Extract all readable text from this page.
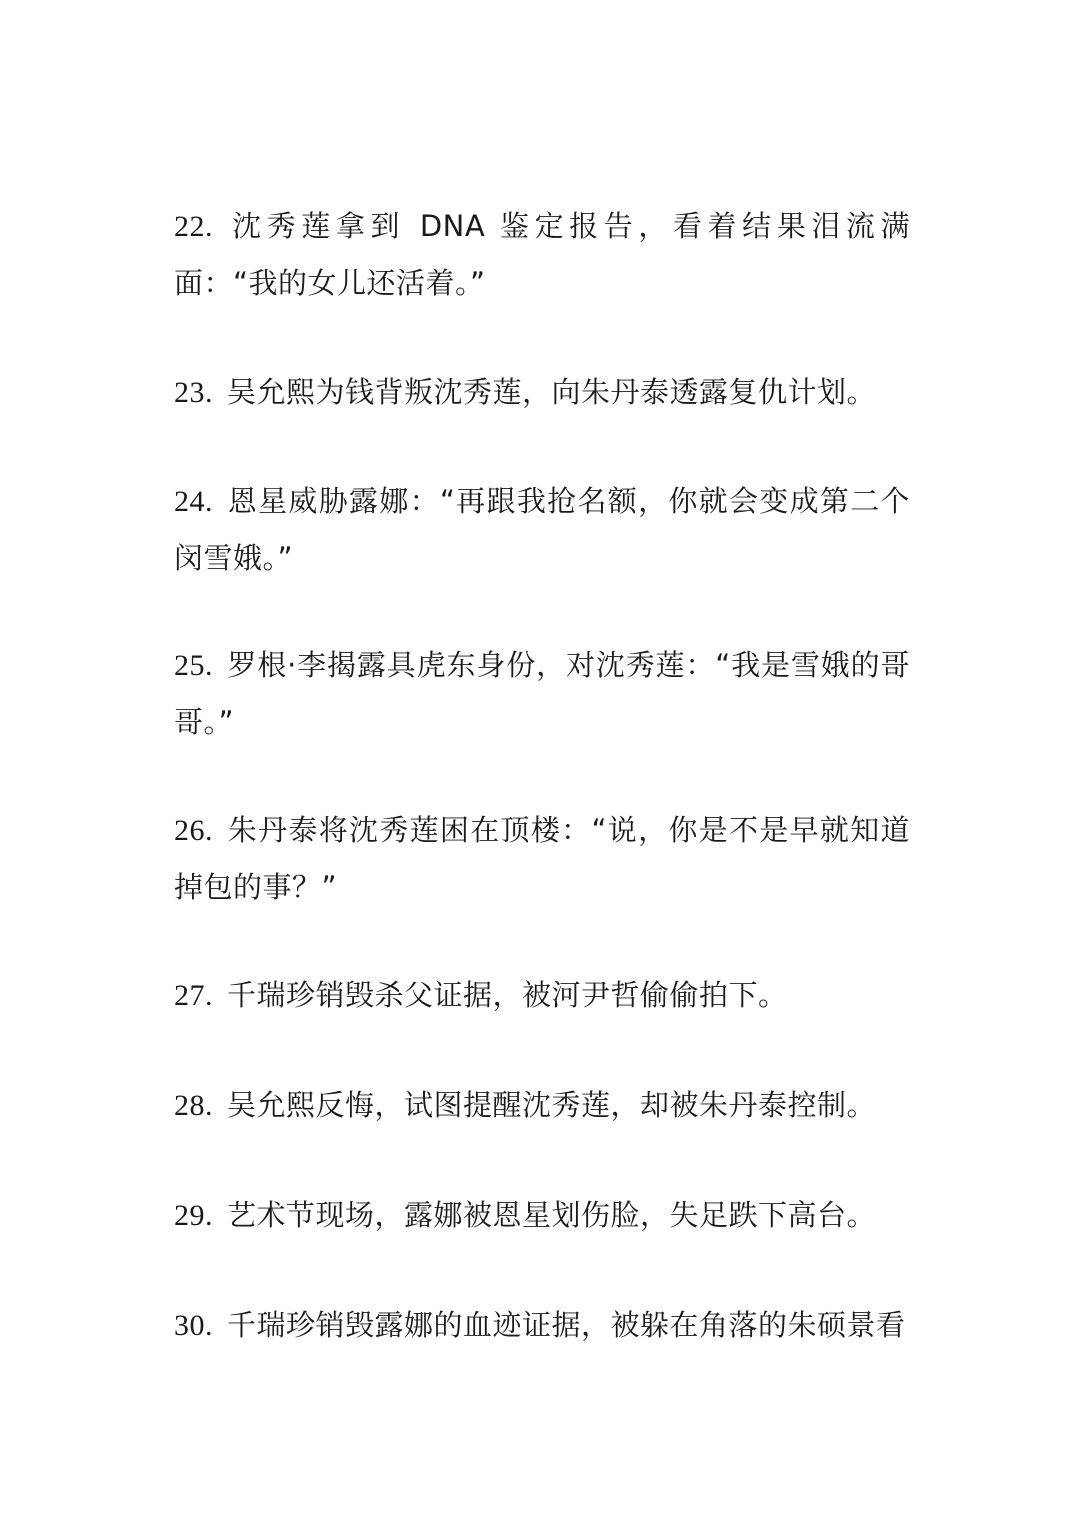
22. 沈秀莲拿到 DNA 鉴定报告，看着结果泪流满面：“我的女儿还活着。”

23. 吴允熙为钱背叛沈秀莲，向朱丹泰透露复仇计划。

24. 恩星威胁露娜：“再跟我抢名额，你就会变成第二个闵雪娥。”

25. 罗根·李揭露具虎东身份，对沈秀莲：“我是雪娥的哥哥。”

26. 朱丹泰将沈秀莲困在顶楼：“说，你是不是早就知道掉包的事？”

27. 千瑞珍销毁杀父证据，被河尹哲偷偷拍下。

28. 吴允熙反悔，试图提醒沈秀莲，却被朱丹泰控制。

29. 艺术节现场，露娜被恩星划伤脸，失足跌下高台。

30. 千瑞珍销毁露娜的血迹证据，被躲在角落的朱硕景看
